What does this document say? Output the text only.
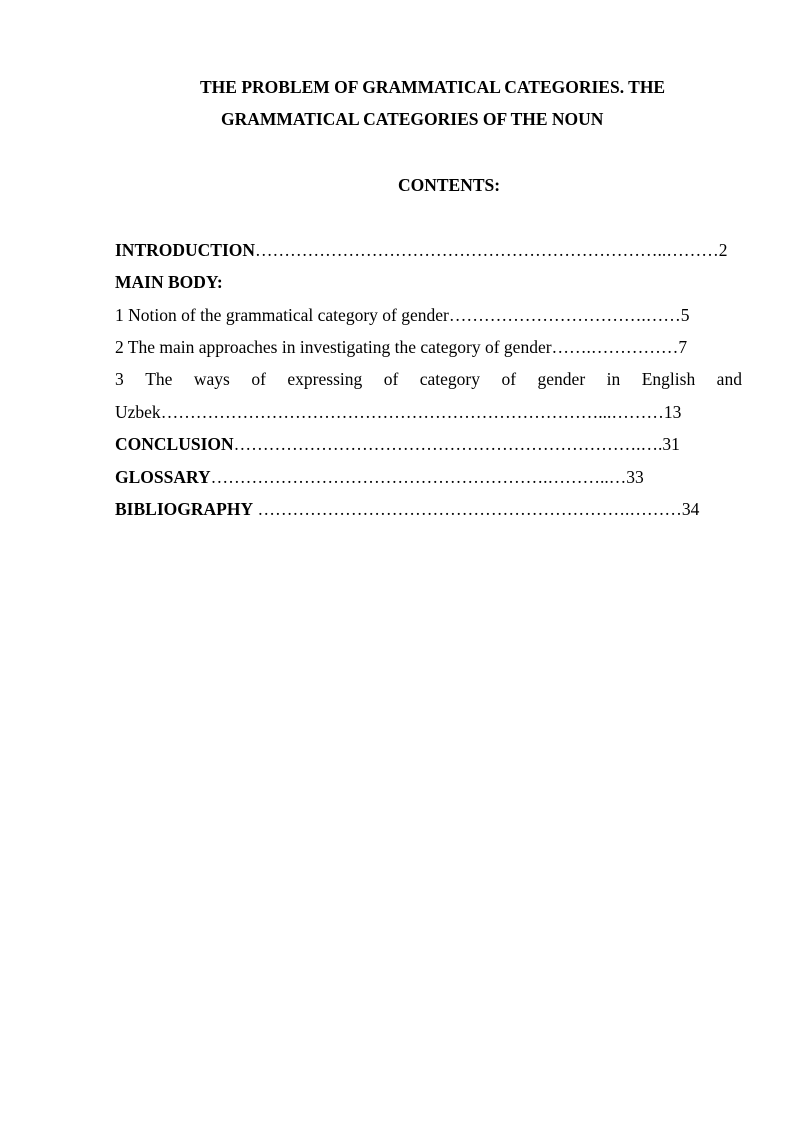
THE PROBLEM OF GRAMMATICAL CATEGORIES. THE
GRAMMATICAL CATEGORIES OF THE NOUN
CONTENTS:
INTRODUCTION……………………………………………………………..………2
MAIN BODY:
1 Notion of the grammatical category of gender…………………………….……5
2 The main approaches in investigating the category of gender…….……………7
3 The ways of expressing of category of gender in English and
Uzbek…………………………………………………………………...………13
CONCLUSION…………………………………………………………….….31
GLOSSARY………………………………………………….………..…33
BIBLIOGRAPHY ……………………………………………………….………34
